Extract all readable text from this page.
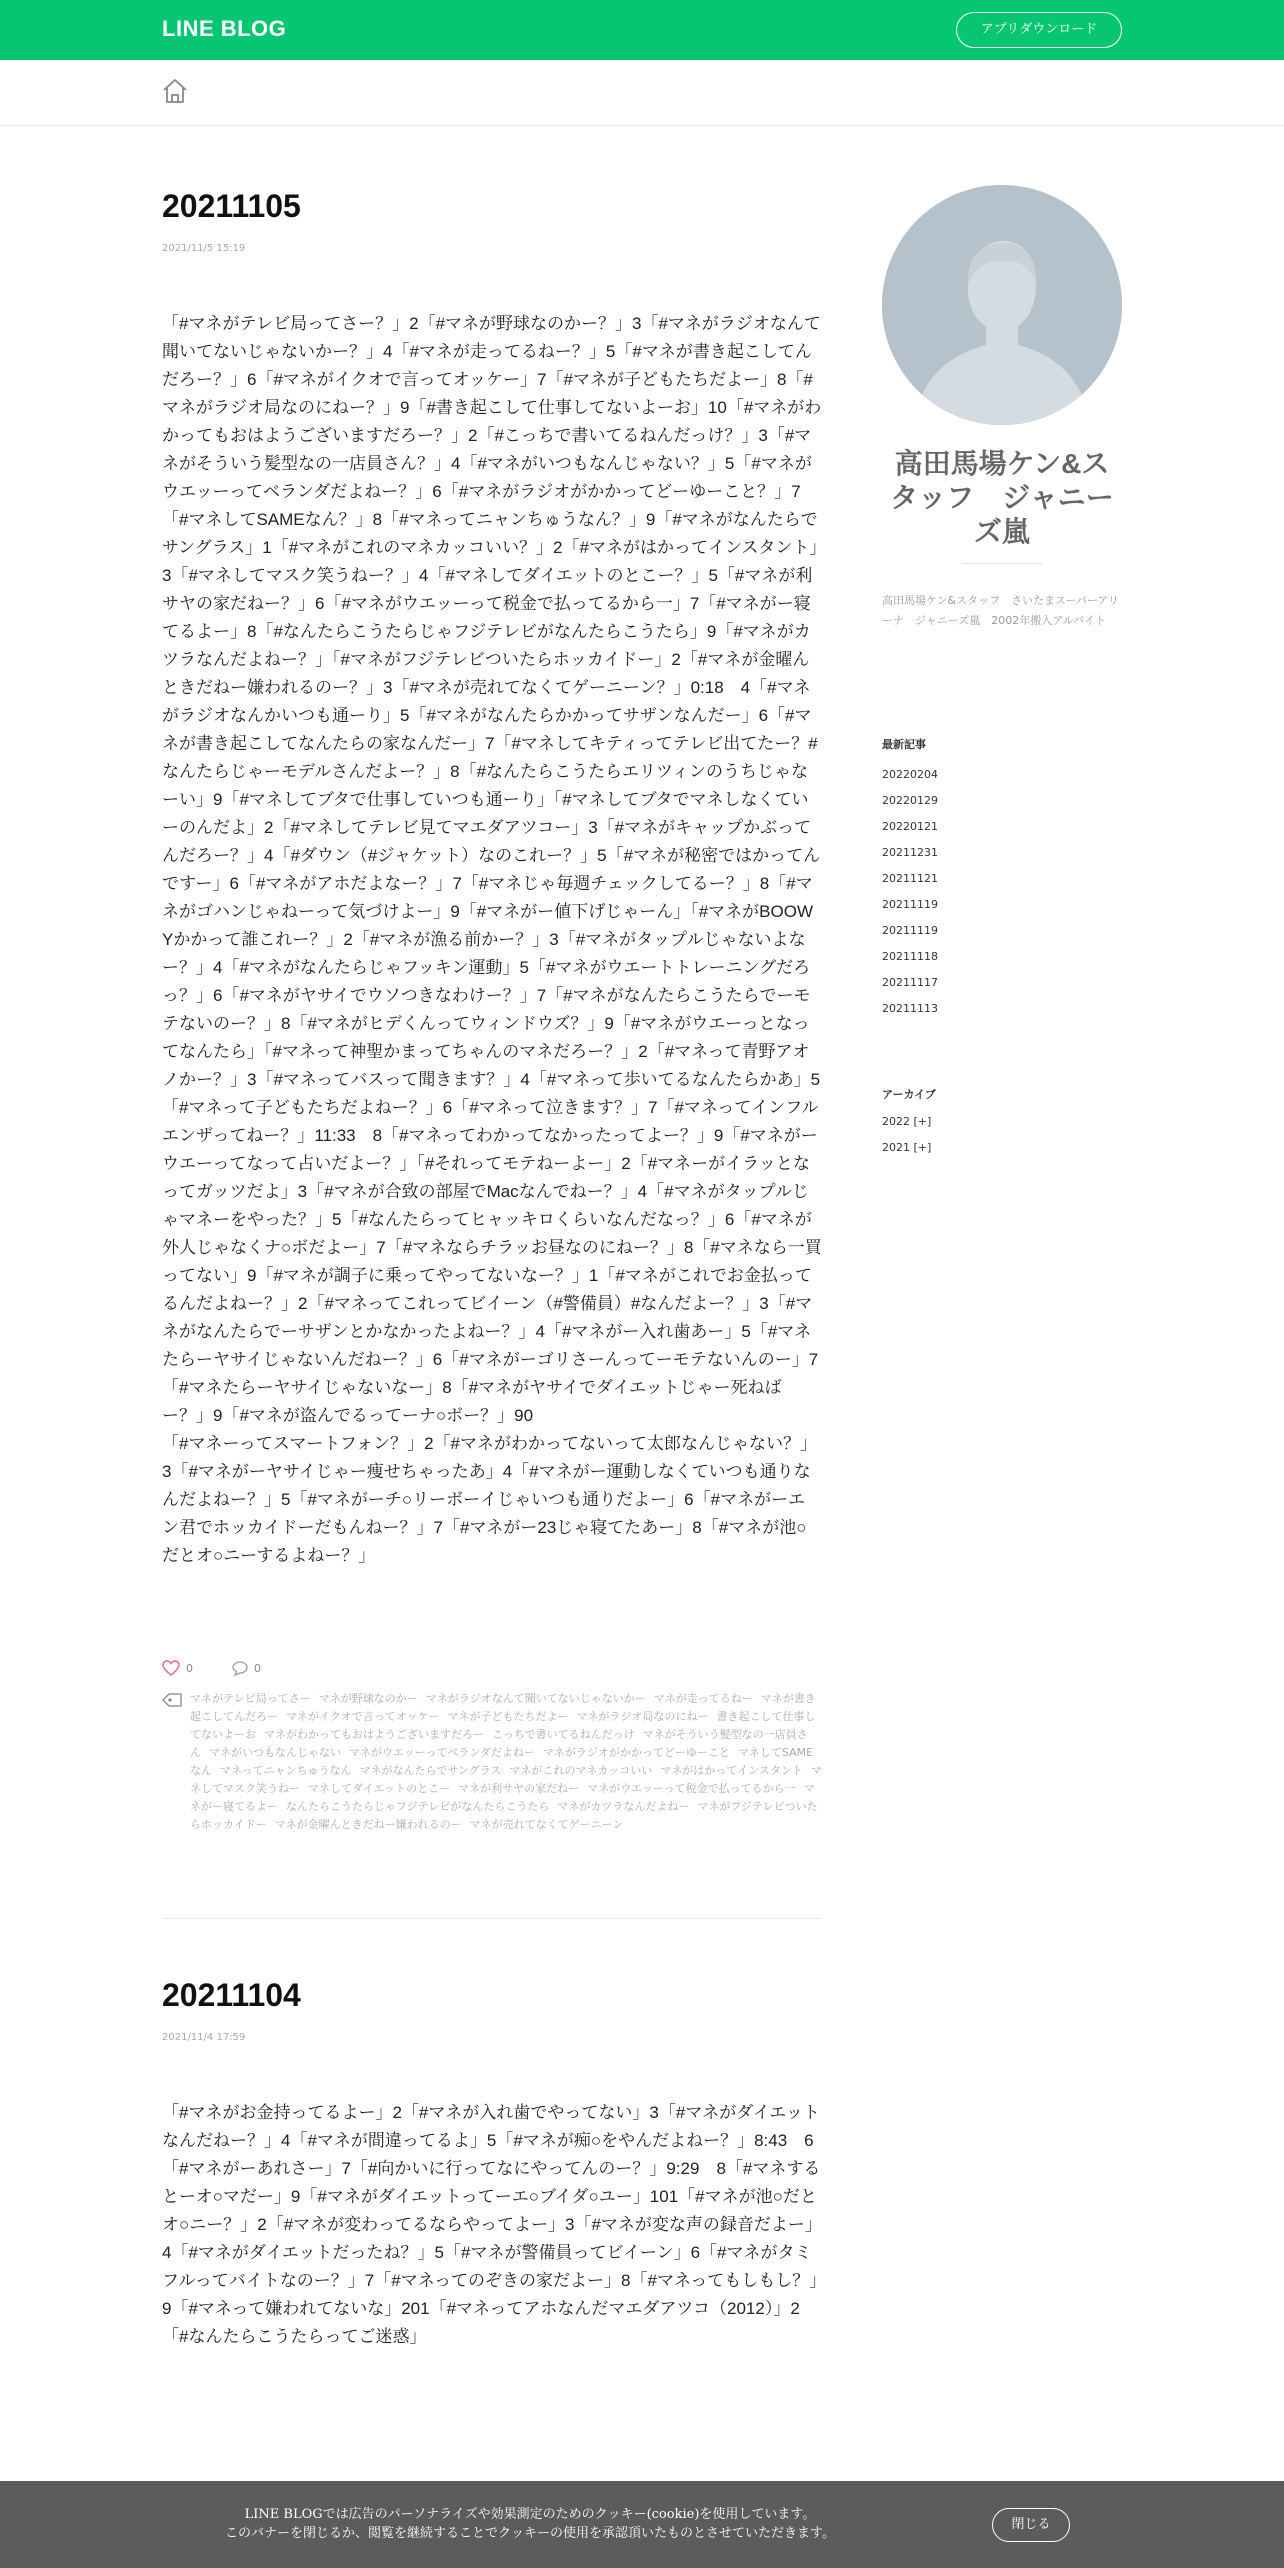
LINE BLOG	アプリダウンロード
20211105
2021/11/5 15:19

「#マネがテレビ局ってさー？」2「#マネが野球なのかー？」3「#マネがラジオなんて聞いてないじゃないかー？」4「#マネが走ってるねー？」5「#マネが書き起こしてんだろー？」6「#マネがイクオで言ってオッケー」7「#マネが子どもたちだよー」8「#マネがラジオ局なのにねー？」9「#書き起こして仕事してないよーお」10「#マネがわかってもおはようございますだろー？」2「#こっちで書いてるねんだっけ？」3「#マネがそういう髪型なの一店員さん？」4「#マネがいつもなんじゃない？」5「#マネがウエッーってベランダだよねー？」6「#マネがラジオがかかってどーゆーこと？」7「#マネしてSAMEなん？」8「#マネってニャンちゅうなん？」9「#マネがなんたらでサングラス」1「#マネがこれのマネカッコいい？」2「#マネがはかってインスタント」3「#マネしてマスク笑うねー？」4「#マネしてダイエットのとこー？」5「#マネが利サヤの家だねー？」6「#マネがウエッーって税金で払ってるから一」7「#マネがー寝てるよー」8「#なんたらこうたらじゃフジテレビがなんたらこうたら」9「#マネがカツラなんだよねー？」「#マネがフジテレビついたらホッカイドー」2「#マネが金曜んときだねー嫌われるのー？」3「#マネが売れてなくてゲーニーン？」0:18　4「#マネがラジオなんかいつも通ーり」5「#マネがなんたらかかってサザンなんだー」6「#マネが書き起こしてなんたらの家なんだー」7「#マネしてキティってテレビ出てたー？#なんたらじゃーモデルさんだよー？」8「#なんたらこうたらエリツィンのうちじゃなーい」9「#マネしてブタで仕事していつも通ーり」「#マネしてブタでマネしなくていーのんだよ」2「#マネしてテレビ見てマエダアツコー」3「#マネがキャップかぶってんだろー？」4「#ダウン（#ジャケット）なのこれー？」5「#マネが秘密ではかってんですー」6「#マネがアホだよなー？」7「#マネじゃ毎週チェックしてるー？」8「#マネがゴハンじゃねーって気づけよー」9「#マネがー値下げじゃーん」「#マネがBOOWYかかって誰これー？」2「#マネが漁る前かー？」3「#マネがタップルじゃないよなー？」4「#マネがなんたらじゃフッキン運動」5「#マネがウエートトレーニングだろっ？」6「#マネがヤサイでウソつきなわけー？」7「#マネがなんたらこうたらでーモテないのー？」8「#マネがヒデくんってウィンドウズ？」9「#マネがウエーっとなってなんたら」「#マネって神聖かまってちゃんのマネだろー？」2「#マネって青野アオノかー？」3「#マネってバスって聞きます？」4「#マネって歩いてるなんたらかあ」5「#マネって子どもたちだよねー？」6「#マネって泣きます？」7「#マネってインフルエンザってねー？」11:33　8「#マネってわかってなかったってよー？」9「#マネがーウエーってなって占いだよー？」「#それってモテねーよー」2「#マネーがイラッとなってガッツだよ」3「#マネが合致の部屋でMacなんでねー？」4「#マネがタップルじゃマネーをやった？」5「#なんたらってヒャッキロくらいなんだなっ？」6「#マネが外人じゃなくナ○ボだよー」7「#マネならチラッお昼なのにねー？」8「#マネなら一買ってない」9「#マネが調子に乗ってやってないなー？」1「#マネがこれでお金払ってるんだよねー？」2「#マネってこれってビイーン（#警備員）#なんだよー？」3「#マネがなんたらでーサザンとかなかったよねー？」4「#マネがー入れ歯あー」5「#マネたらーヤサイじゃないんだねー？」6「#マネがーゴリさーんってーモテないんのー」7「#マネたらーヤサイじゃないなー」8「#マネがヤサイでダイエットじゃー死ねばー？」9「#マネが盗んでるってーナ○ボー？」90

「#マネーってスマートフォン？」2「#マネがわかってないって太郎なんじゃない？」3「#マネがーヤサイじゃー痩せちゃったあ」4「#マネがー運動しなくていつも通りなんだよねー？」5「#マネがーチ○リーボーイじゃいつも通りだよー」6「#マネがーエン君でホッカイドーだもんねー？」7「#マネがー23じゃ寝てたあー」8「#マネが池○だとオ○ニーするよねー？」

0	0
マネがテレビ局ってさー マネが野球なのかー マネがラジオなんて聞いてないじゃないかー マネが走ってるねー マネが書き起こしてんだろー マネがイクオで言ってオッケー マネが子どもたちだよー マネがラジオ局なのにねー 書き起こして仕事してないよーお マネがわかってもおはようございますだろー こっちで書いてるねんだっけ マネがそういう髪型なの一店員さん マネがいつもなんじゃない マネがウエッーってベランダだよねー マネがラジオがかかってどーゆーこと マネしてSAMEなん マネってニャンちゅうなん マネがなんたらでサングラス マネがこれのマネカッコいい マネがはかってインスタント マネしてマスク笑うねー マネしてダイエットのとこー マネが利サヤの家だねー マネがウエッーって税金で払ってるから一 マネがー寝てるよー なんたらこうたらじゃフジテレビがなんたらこうたら マネがカツラなんだよねー マネがフジテレビついたらホッカイドー マネが金曜んときだねー嫌われるのー マネが売れてなくてゲーニーン
20211104
2021/11/4 17:59

「#マネがお金持ってるよー」2「#マネが入れ歯でやってない」3「#マネがダイエットなんだねー？」4「#マネが間違ってるよ」5「#マネが痴○をやんだよねー？」8:43　6「#マネがーあれさー」7「#向かいに行ってなにやってんのー？」9:29　8「#マネするとーオ○マだー」9「#マネがダイエットってーエ○ブイダ○ユー」101「#マネが池○だとオ○ニー？」2「#マネが変わってるならやってよー」3「#マネが変な声の録音だよー」4「#マネがダイエットだったね？」5「#マネが警備員ってビイーン」6「#マネがタミフルってバイトなのー？」7「#マネってのぞきの家だよー」8「#マネってもしもし？」9「#マネって嫌われてないな」201「#マネってアホなんだマエダアツコ（2012）」2「#なんたらこうたらってご迷惑」

高田馬場ケン&スタッフ　ジャニーズ嵐
高田馬場ケン&スタッフ　さいたまスーパーアリーナ　ジャニーズ嵐　2002年搬入アルバイト
最新記事
20220204
20220129
20220121
20211231
20211121
20211119
20211119
20211118
20211117
20211113
アーカイブ
2022 [+]
2021 [+]
LINE BLOGでは広告のパーソナライズや効果測定のためのクッキー(cookie)を使用しています。
このバナーを閉じるか、閲覧を継続することでクッキーの使用を承認頂いたものとさせていただきます。
閉じる
